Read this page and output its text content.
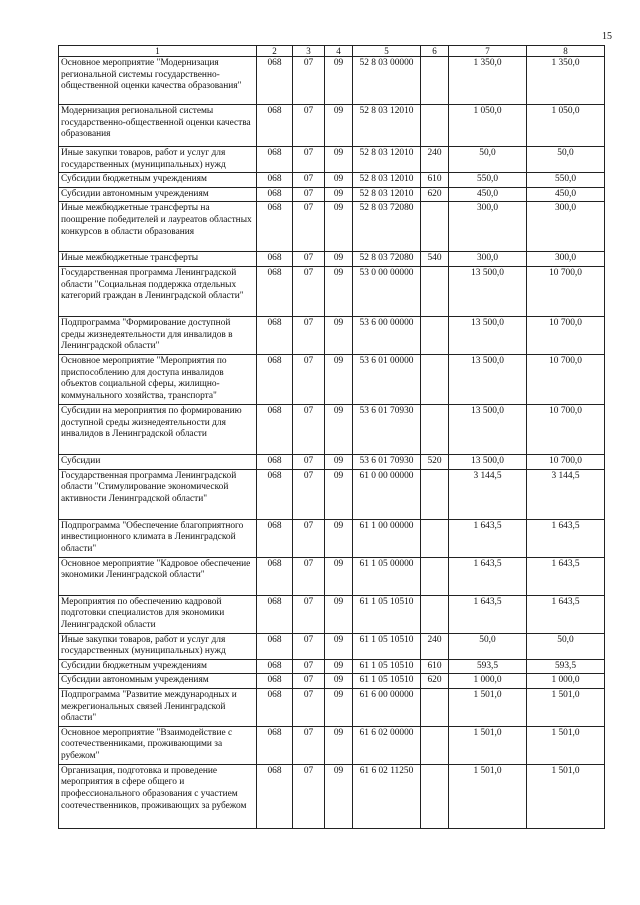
15
1	2	3	4	5	6	7	8
Основное мероприятие "Модернизация региональной системы государственно-общественной оценки качества образования"	068	07	09	52 8 03 00000		1 350,0	1 350,0
Модернизация региональной системы государственно-общественной оценки качества образования	068	07	09	52 8 03 12010		1 050,0	1 050,0
Иные закупки товаров, работ и услуг для государственных (муниципальных) нужд	068	07	09	52 8 03 12010	240	50,0	50,0
Субсидии бюджетным учреждениям	068	07	09	52 8 03 12010	610	550,0	550,0
Субсидии автономным учреждениям	068	07	09	52 8 03 12010	620	450,0	450,0
Иные межбюджетные трансферты на поощрение победителей и лауреатов областных конкурсов в области образования	068	07	09	52 8 03 72080		300,0	300,0
Иные межбюджетные трансферты	068	07	09	52 8 03 72080	540	300,0	300,0
Государственная программа Ленинградской области "Социальная поддержка отдельных категорий граждан в Ленинградской области"	068	07	09	53 0 00 00000		13 500,0	10 700,0
Подпрограмма "Формирование доступной среды жизнедеятельности для инвалидов в Ленинградской области"	068	07	09	53 6 00 00000		13 500,0	10 700,0
Основное мероприятие "Мероприятия по приспособлению для доступа инвалидов объектов социальной сферы, жилищно-коммунального хозяйства, транспорта"	068	07	09	53 6 01 00000		13 500,0	10 700,0
Субсидии на мероприятия по формированию доступной среды жизнедеятельности для инвалидов в Ленинградской области	068	07	09	53 6 01 70930		13 500,0	10 700,0
Субсидии	068	07	09	53 6 01 70930	520	13 500,0	10 700,0
Государственная программа Ленинградской области "Стимулирование экономической активности Ленинградской области"	068	07	09	61 0 00 00000		3 144,5	3 144,5
Подпрограмма "Обеспечение благоприятного инвестиционного климата в Ленинградской области"	068	07	09	61 1 00 00000		1 643,5	1 643,5
Основное мероприятие "Кадровое обеспечение экономики Ленинградской области"	068	07	09	61 1 05 00000		1 643,5	1 643,5
Мероприятия по обеспечению кадровой подготовки специалистов для экономики Ленинградской области	068	07	09	61 1 05 10510		1 643,5	1 643,5
Иные закупки товаров, работ и услуг для государственных (муниципальных) нужд	068	07	09	61 1 05 10510	240	50,0	50,0
Субсидии бюджетным учреждениям	068	07	09	61 1 05 10510	610	593,5	593,5
Субсидии автономным учреждениям	068	07	09	61 1 05 10510	620	1 000,0	1 000,0
Подпрограмма "Развитие международных и межрегиональных связей Ленинградской области"	068	07	09	61 6 00 00000		1 501,0	1 501,0
Основное мероприятие "Взаимодействие с соотечественниками, проживающими за рубежом"	068	07	09	61 6 02 00000		1 501,0	1 501,0
Организация, подготовка и проведение мероприятия в сфере общего и профессионального образования с участием соотечественников, проживающих за рубежом	068	07	09	61 6 02 11250		1 501,0	1 501,0
